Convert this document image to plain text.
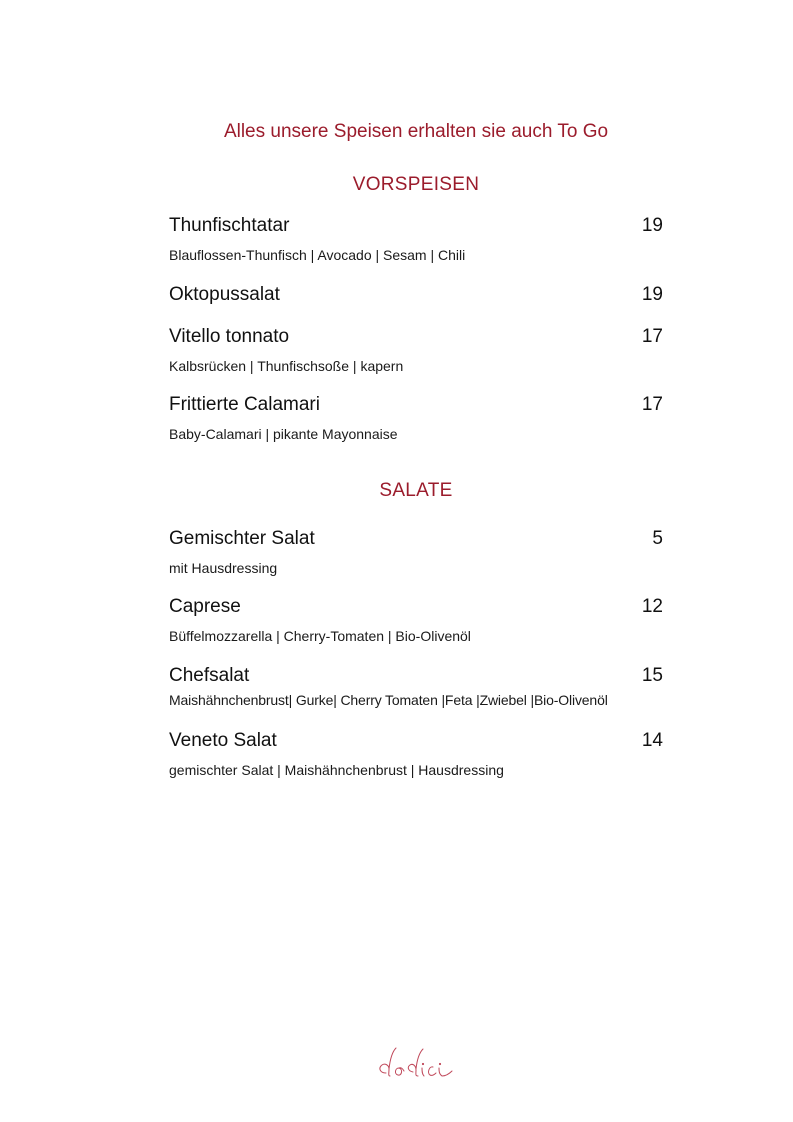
Alles unsere Speisen erhalten sie auch To Go
VORSPEISEN
Thunfischtatar	19
Blauflossen-Thunfisch | Avocado | Sesam | Chili
Oktopussalat	19
Vitello tonnato	17
Kalbsrücken | Thunfischsoße | kapern
Frittierte Calamari	17
Baby-Calamari | pikante Mayonnaise
SALATE
Gemischter Salat	5
mit Hausdressing
Caprese	12
Büffelmozzarella | Cherry-Tomaten | Bio-Olivenöl
Chefsalat	15
Maishähnchenbrust| Gurke| Cherry Tomaten |Feta |Zwiebel |Bio-Olivenöl
Veneto Salat	14
gemischter Salat | Maishähnchenbrust | Hausdressing
